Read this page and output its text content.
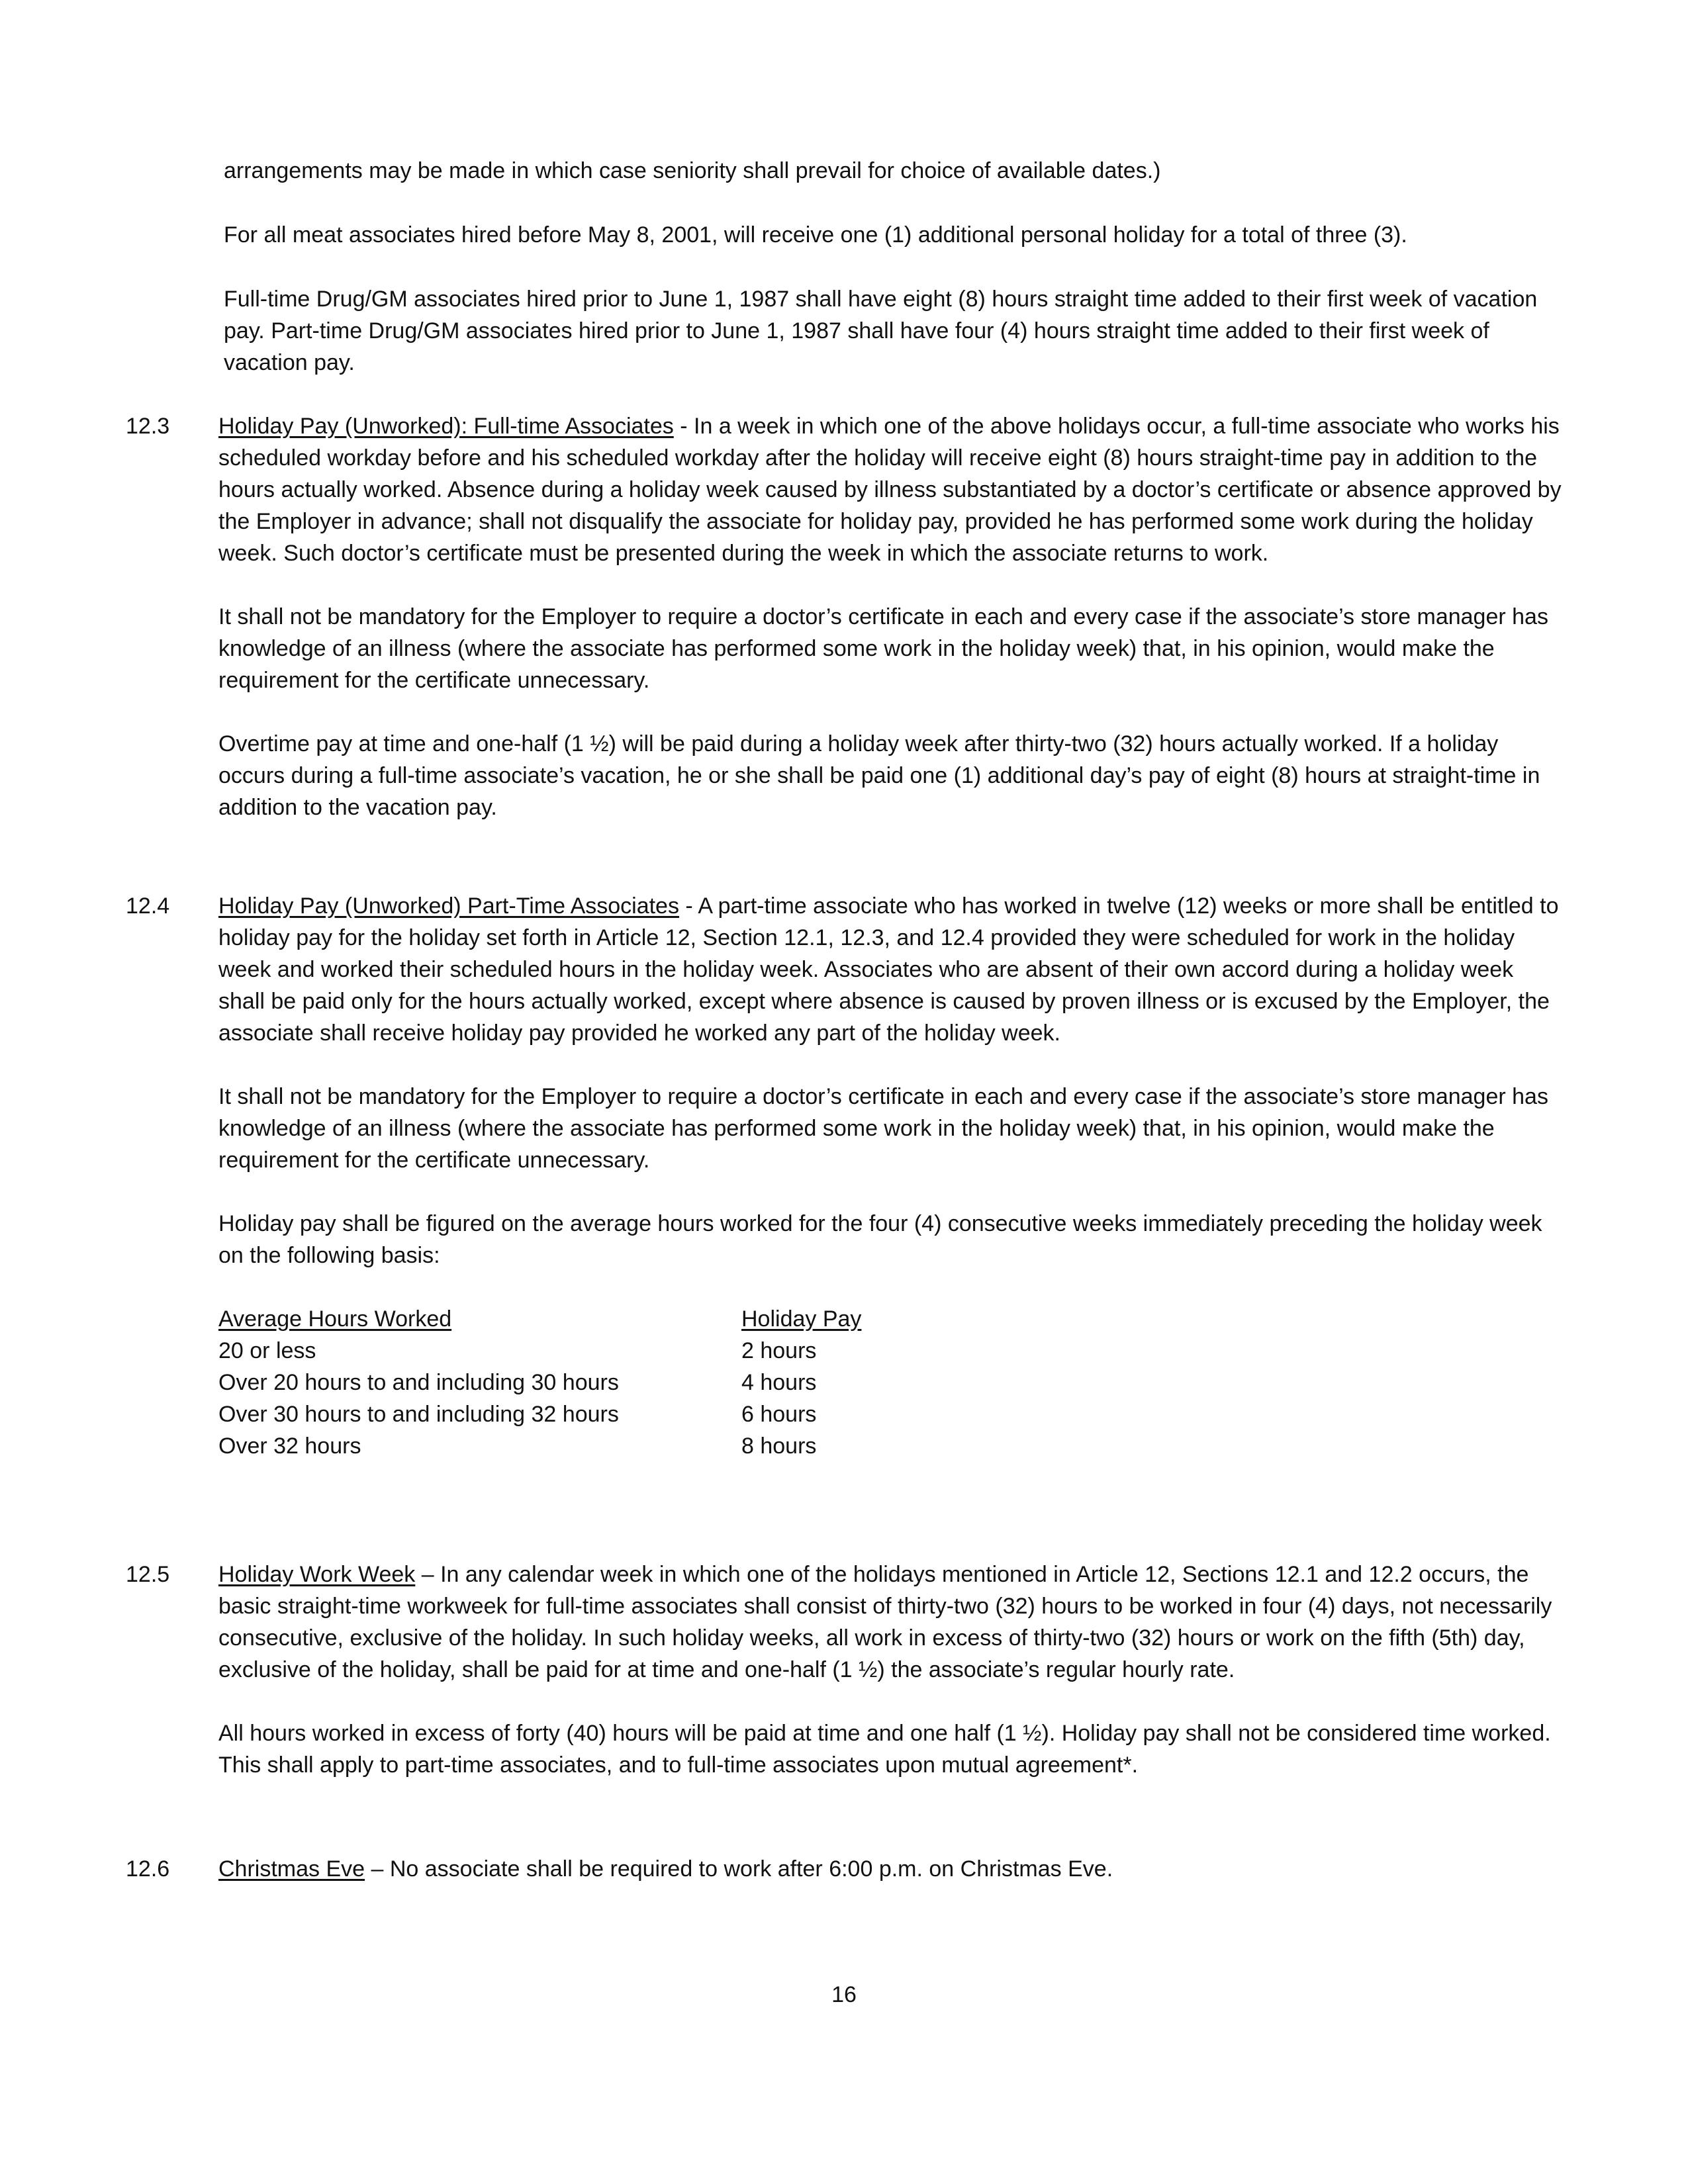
arrangements may be made in which case seniority shall prevail for choice of available dates.)

For all meat associates hired before May 8, 2001, will receive one (1) additional personal holiday for a total of three (3).

Full-time Drug/GM associates hired prior to June 1, 1987 shall have eight (8) hours straight time added to their first week of vacation pay. Part-time Drug/GM associates hired prior to June 1, 1987 shall have four (4) hours straight time added to their first week of vacation pay.

12.3	Holiday Pay (Unworked): Full-time Associates - In a week in which one of the above holidays occur, a full-time associate who works his scheduled workday before and his scheduled workday after the holiday will receive eight (8) hours straight-time pay in addition to the hours actually worked. Absence during a holiday week caused by illness substantiated by a doctor’s certificate or absence approved by the Employer in advance; shall not disqualify the associate for holiday pay, provided he has performed some work during the holiday week. Such doctor’s certificate must be presented during the week in which the associate returns to work.

It shall not be mandatory for the Employer to require a doctor’s certificate in each and every case if the associate’s store manager has knowledge of an illness (where the associate has performed some work in the holiday week) that, in his opinion, would make the requirement for the certificate unnecessary.

Overtime pay at time and one-half (1 ½) will be paid during a holiday week after thirty-two (32) hours actually worked. If a holiday occurs during a full-time associate’s vacation, he or she shall be paid one (1) additional day’s pay of eight (8) hours at straight-time in addition to the vacation pay.

12.4	Holiday Pay (Unworked) Part-Time Associates - A part-time associate who has worked in twelve (12) weeks or more shall be entitled to holiday pay for the holiday set forth in Article 12, Section 12.1, 12.3, and 12.4 provided they were scheduled for work in the holiday week and worked their scheduled hours in the holiday week. Associates who are absent of their own accord during a holiday week shall be paid only for the hours actually worked, except where absence is caused by proven illness or is excused by the Employer, the associate shall receive holiday pay provided he worked any part of the holiday week.

It shall not be mandatory for the Employer to require a doctor’s certificate in each and every case if the associate’s store manager has knowledge of an illness (where the associate has performed some work in the holiday week) that, in his opinion, would make the requirement for the certificate unnecessary.

Holiday pay shall be figured on the average hours worked for the four (4) consecutive weeks immediately preceding the holiday week on the following basis:

Average Hours Worked	Holiday Pay
20 or less	2 hours
Over 20 hours to and including 30 hours	4 hours
Over 30 hours to and including 32 hours	6 hours
Over 32 hours	8 hours
12.5	Holiday Work Week – In any calendar week in which one of the holidays mentioned in Article 12, Sections 12.1 and 12.2 occurs, the basic straight-time workweek for full-time associates shall consist of thirty-two (32) hours to be worked in four (4) days, not necessarily consecutive, exclusive of the holiday. In such holiday weeks, all work in excess of thirty-two (32) hours or work on the fifth (5th) day, exclusive of the holiday, shall be paid for at time and one-half (1 ½) the associate’s regular hourly rate.

All hours worked in excess of forty (40) hours will be paid at time and one half (1 ½). Holiday pay shall not be considered time worked. This shall apply to part-time associates, and to full-time associates upon mutual agreement*.

12.6	Christmas Eve – No associate shall be required to work after 6:00 p.m. on Christmas Eve.

16
